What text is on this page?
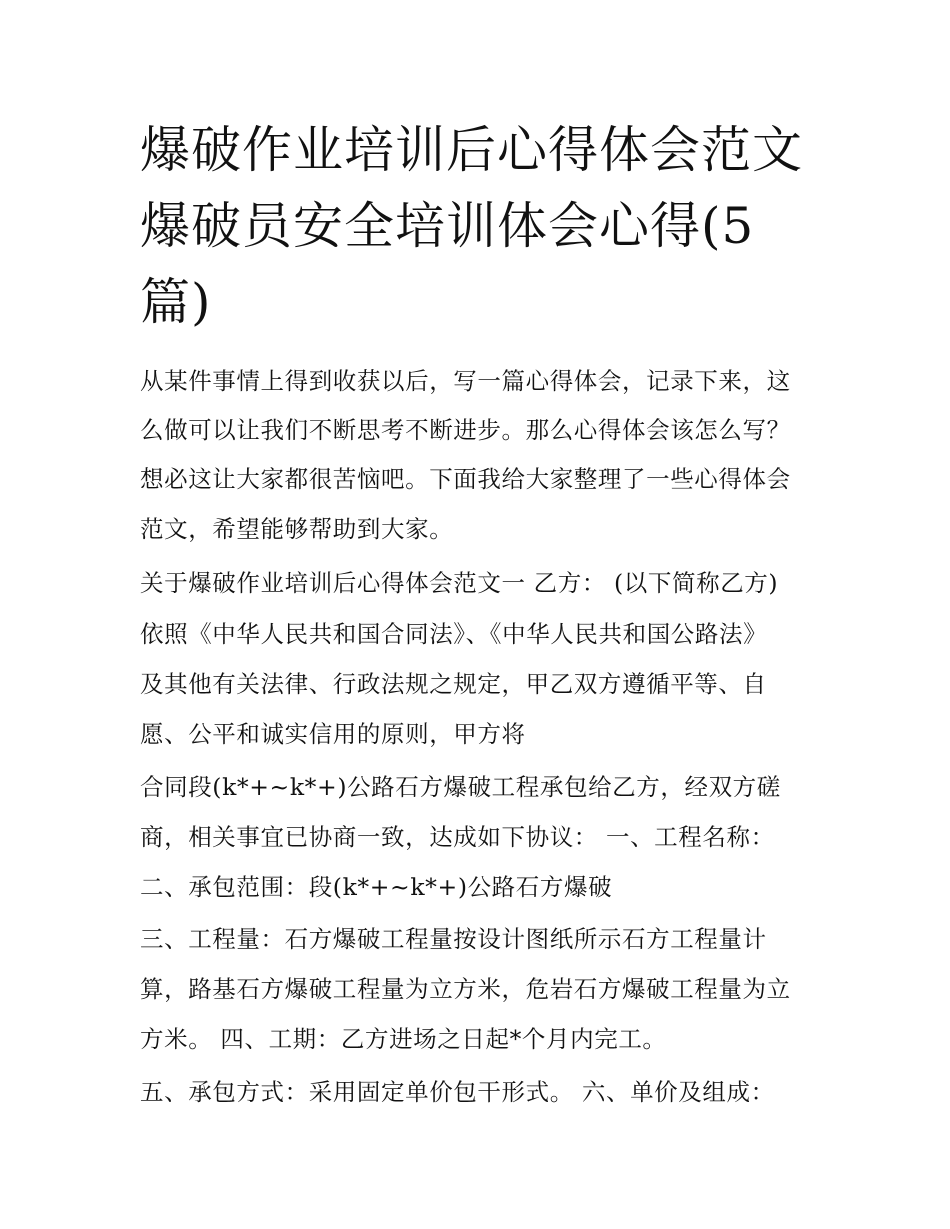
爆破作业培训后心得体会范文
爆破员安全培训体会心得(5
篇)

从某件事情上得到收获以后，写一篇心得体会，记录下来，这

么做可以让我们不断思考不断进步。那么心得体会该怎么写？

想必这让大家都很苦恼吧。下面我给大家整理了一些心得体会

范文，希望能够帮助到大家。

关于爆破作业培训后心得体会范文一 乙方： (以下简称乙方)

依照《中华人民共和国合同法》、《中华人民共和国公路法》

及其他有关法律、行政法规之规定，甲乙双方遵循平等、自

愿、公平和诚实信用的原则，甲方将

合同段(k*+~k*+)公路石方爆破工程承包给乙方，经双方磋

商，相关事宜已协商一致，达成如下协议： 一、工程名称：

二、承包范围：段(k*+~k*+)公路石方爆破

三、工程量：石方爆破工程量按设计图纸所示石方工程量计

算，路基石方爆破工程量为立方米，危岩石方爆破工程量为立

方米。 四、工期：乙方进场之日起*个月内完工。

五、承包方式：采用固定单价包干形式。 六、单价及组成：
